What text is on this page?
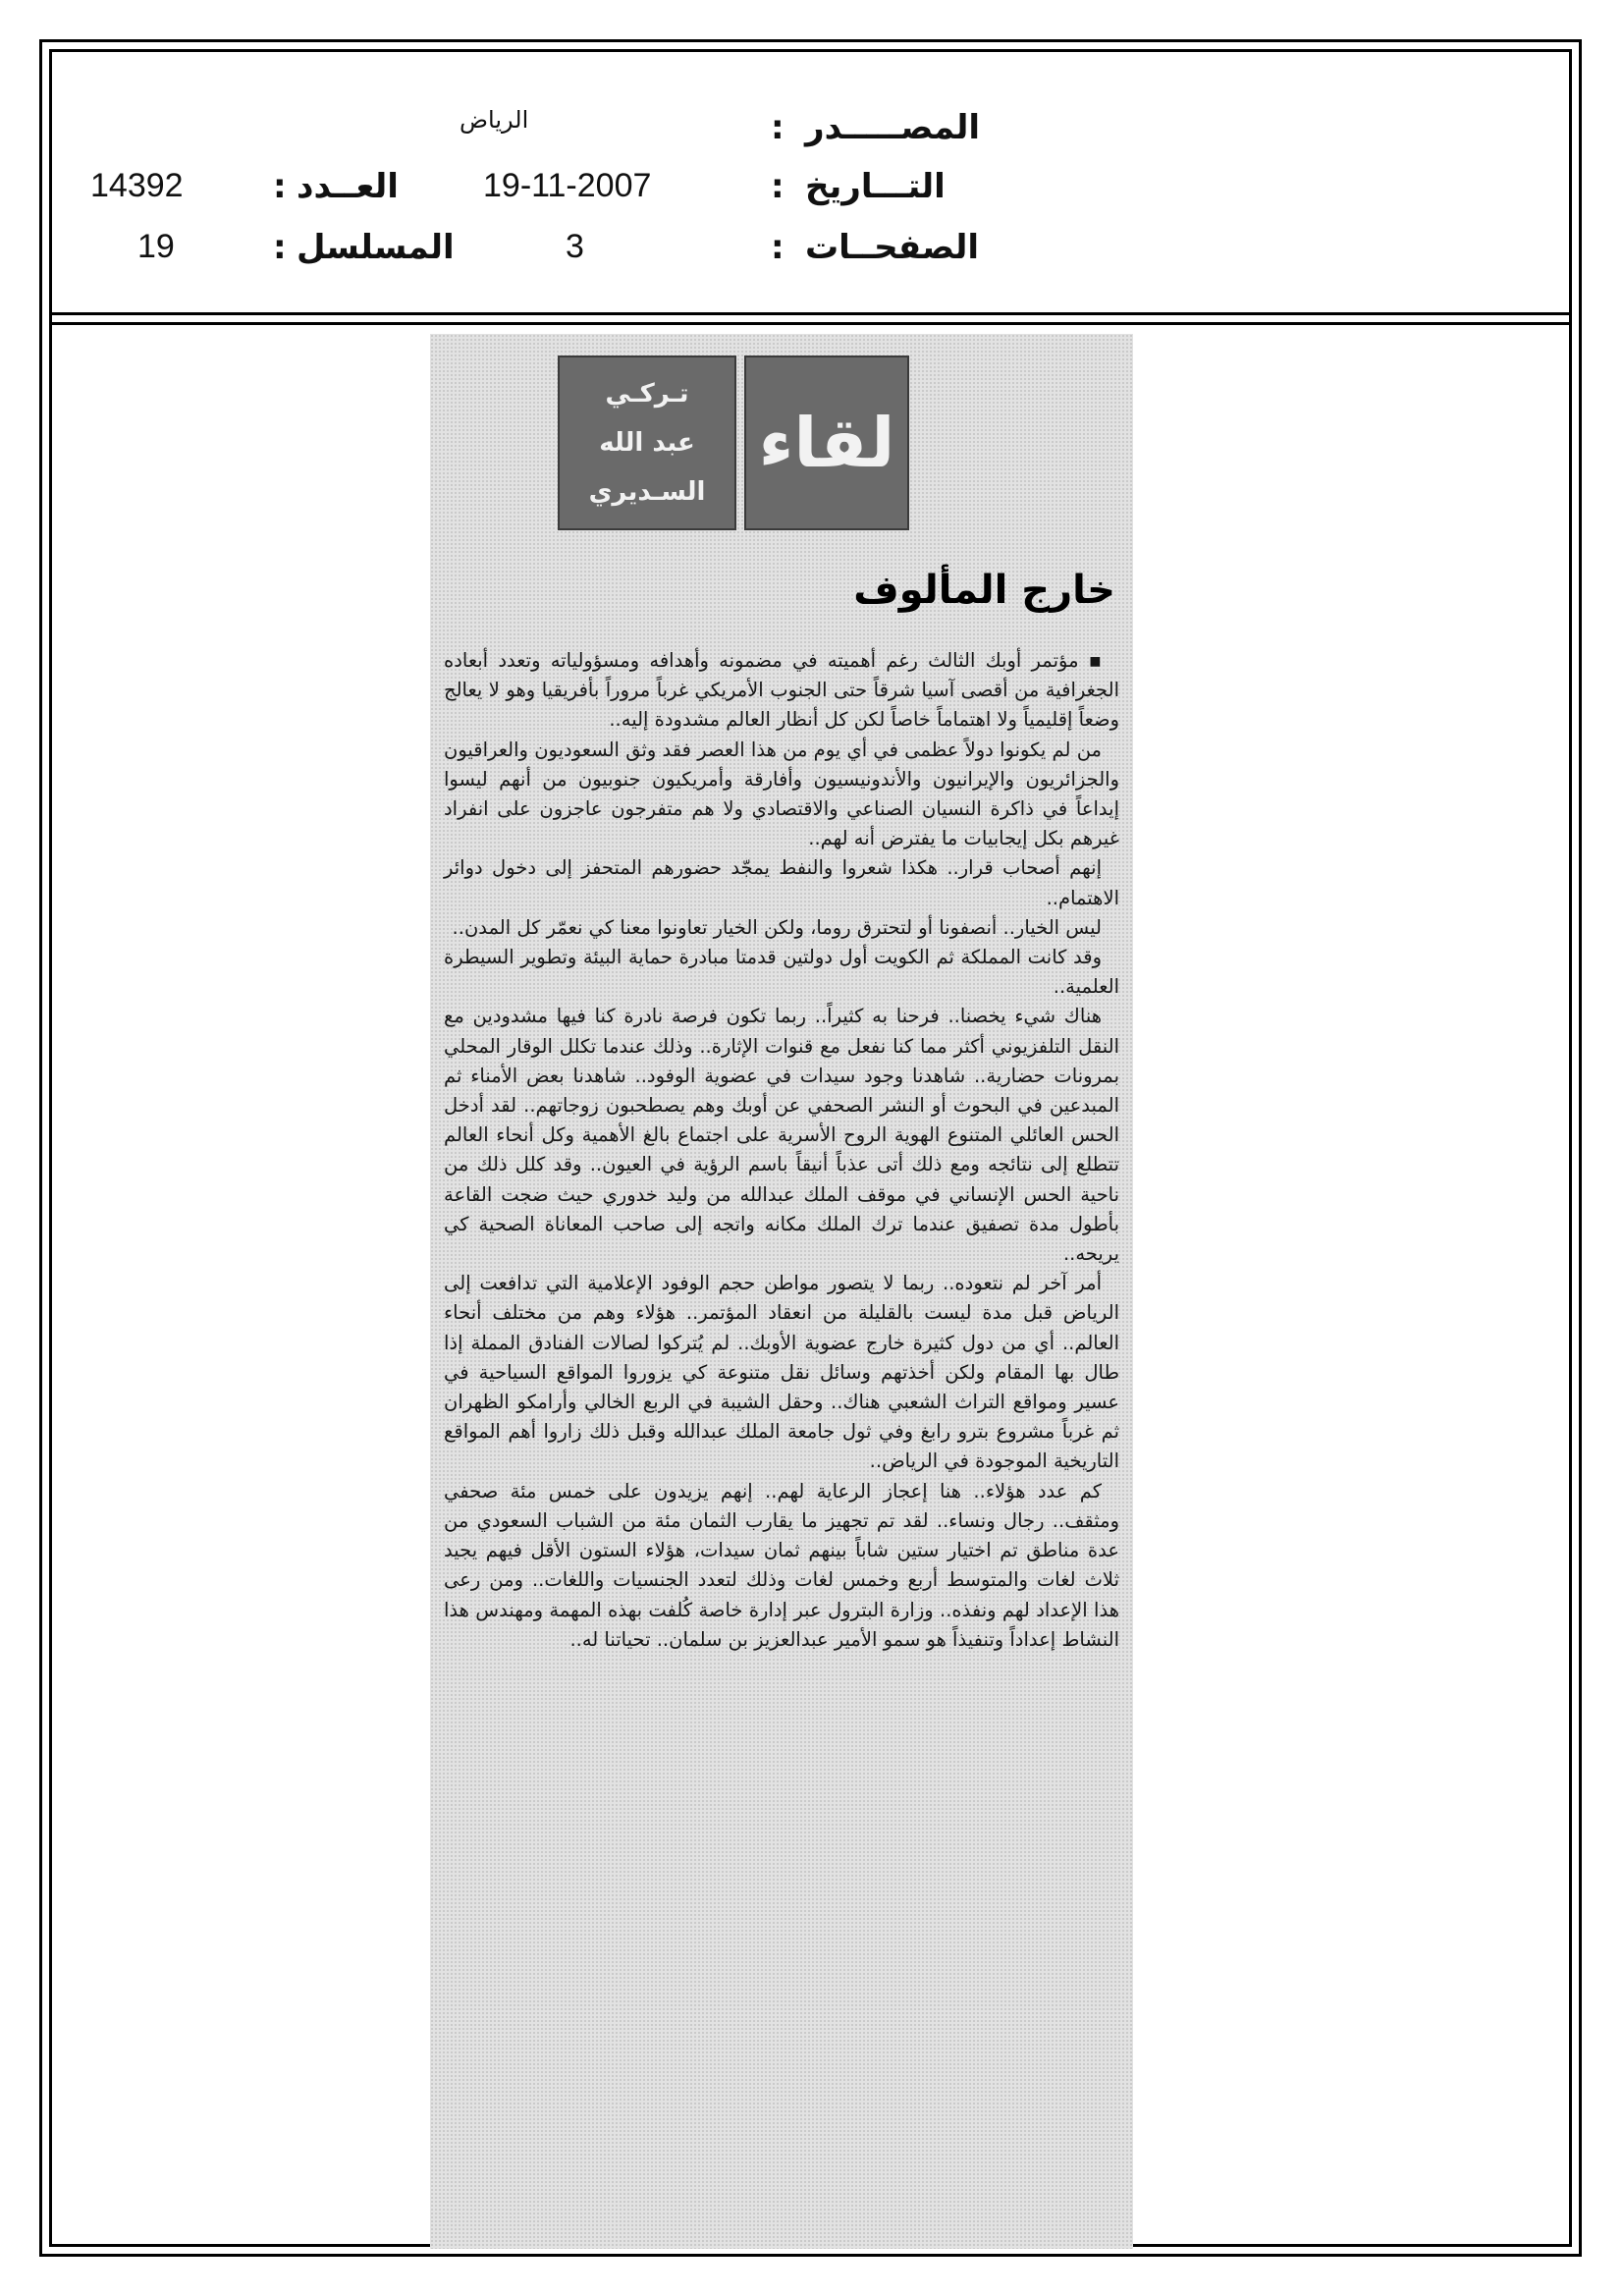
المصـــــدر
:
الرياض
التـــاريخ
:
19-11-2007
الصفحــات
:
3
العــدد
:
14392
المسلسل
:
19
لقاء
تـركـي
عبد الله
السـديري
خارج المألوف

▪ مؤتمر أوبك الثالث رغم أهميته في مضمونه وأهدافه ومسؤولياته وتعدد أبعاده الجغرافية من أقصى آسيا شرقاً حتى الجنوب الأمريكي غرباً مروراً بأفريقيا وهو لا يعالج وضعاً إقليمياً ولا اهتماماً خاصاً لكن كل أنظار العالم مشدودة إليه..

من لم يكونوا دولاً عظمى في أي يوم من هذا العصر فقد وثق السعوديون والعراقيون والجزائريون والإيرانيون والأندونيسيون وأفارقة وأمريكيون جنوبيون من أنهم ليسوا إيداعاً في ذاكرة النسيان الصناعي والاقتصادي ولا هم متفرجون عاجزون على انفراد غيرهم بكل إيجابيات ما يفترض أنه لهم..

إنهم أصحاب قرار.. هكذا شعروا والنفط يمجّد حضورهم المتحفز إلى دخول دوائر الاهتمام..

ليس الخيار.. أنصفونا أو لتحترق روما، ولكن الخيار تعاونوا معنا كي نعمّر كل المدن..

وقد كانت المملكة ثم الكويت أول دولتين قدمتا مبادرة حماية البيئة وتطوير السيطرة العلمية..

هناك شيء يخصنا.. فرحنا به كثيراً.. ربما تكون فرصة نادرة كنا فيها مشدودين مع النقل التلفزيوني أكثر مما كنا نفعل مع قنوات الإثارة.. وذلك عندما تكلل الوقار المحلي بمرونات حضارية.. شاهدنا وجود سيدات في عضوية الوفود.. شاهدنا بعض الأمناء ثم المبدعين في البحوث أو النشر الصحفي عن أوبك وهم يصطحبون زوجاتهم.. لقد أدخل الحس العائلي المتنوع الهوية الروح الأسرية على اجتماع بالغ الأهمية وكل أنحاء العالم تتطلع إلى نتائجه ومع ذلك أتى عذباً أنيقاً باسم الرؤية في العيون.. وقد كلل ذلك من ناحية الحس الإنساني في موقف الملك عبدالله من وليد خدوري حيث ضجت القاعة بأطول مدة تصفيق عندما ترك الملك مكانه واتجه إلى صاحب المعاناة الصحية كي يريحه..

أمر آخر لم نتعوده.. ربما لا يتصور مواطن حجم الوفود الإعلامية التي تدافعت إلى الرياض قبل مدة ليست بالقليلة من انعقاد المؤتمر.. هؤلاء وهم من مختلف أنحاء العالم.. أي من دول كثيرة خارج عضوية الأوبك.. لم يُتركوا لصالات الفنادق المملة إذا طال بها المقام ولكن أخذتهم وسائل نقل متنوعة كي يزوروا المواقع السياحية في عسير ومواقع التراث الشعبي هناك.. وحقل الشيبة في الربع الخالي وأرامكو الظهران ثم غرباً مشروع بترو رابغ وفي ثول جامعة الملك عبدالله وقبل ذلك زاروا أهم المواقع التاريخية الموجودة في الرياض..

كم عدد هؤلاء.. هنا إعجاز الرعاية لهم.. إنهم يزيدون على خمس مئة صحفي ومثقف.. رجال ونساء.. لقد تم تجهيز ما يقارب الثمان مئة من الشباب السعودي من عدة مناطق تم اختيار ستين شاباً بينهم ثمان سيدات، هؤلاء الستون الأقل فيهم يجيد ثلاث لغات والمتوسط أربع وخمس لغات وذلك لتعدد الجنسيات واللغات.. ومن رعى هذا الإعداد لهم ونفذه.. وزارة البترول عبر إدارة خاصة كُلفت بهذه المهمة ومهندس هذا النشاط إعداداً وتنفيذاً هو سمو الأمير عبدالعزيز بن سلمان.. تحياتنا له..
